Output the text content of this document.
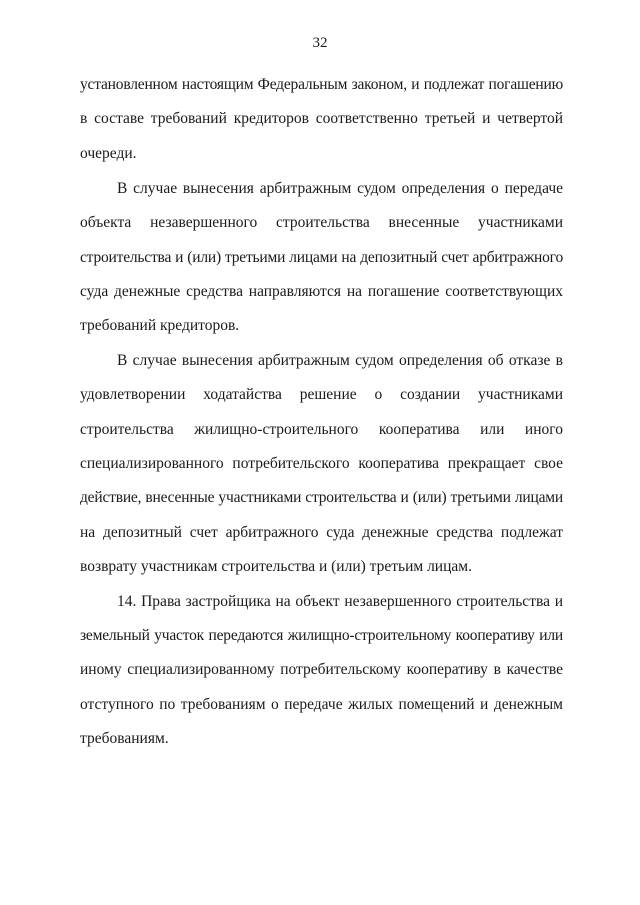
32
установленном настоящим Федеральным законом, и подлежат погашению
в составе требований кредиторов соответственно третьей и четвертой
очереди.
В случае вынесения арбитражным судом определения о передаче
объекта незавершенного строительства внесенные участниками
строительства и (или) третьими лицами на депозитный счет арбитражного
суда денежные средства направляются на погашение соответствующих
требований кредиторов.
В случае вынесения арбитражным судом определения об отказе в
удовлетворении ходатайства решение о создании участниками
строительства жилищно-строительного кооператива или иного
специализированного потребительского кооператива прекращает свое
действие, внесенные участниками строительства и (или) третьими лицами
на депозитный счет арбитражного суда денежные средства подлежат
возврату участникам строительства и (или) третьим лицам.
14. Права застройщика на объект незавершенного строительства и
земельный участок передаются жилищно-строительному кооперативу или
иному специализированному потребительскому кооперативу в качестве
отступного по требованиям о передаче жилых помещений и денежным
требованиям.
